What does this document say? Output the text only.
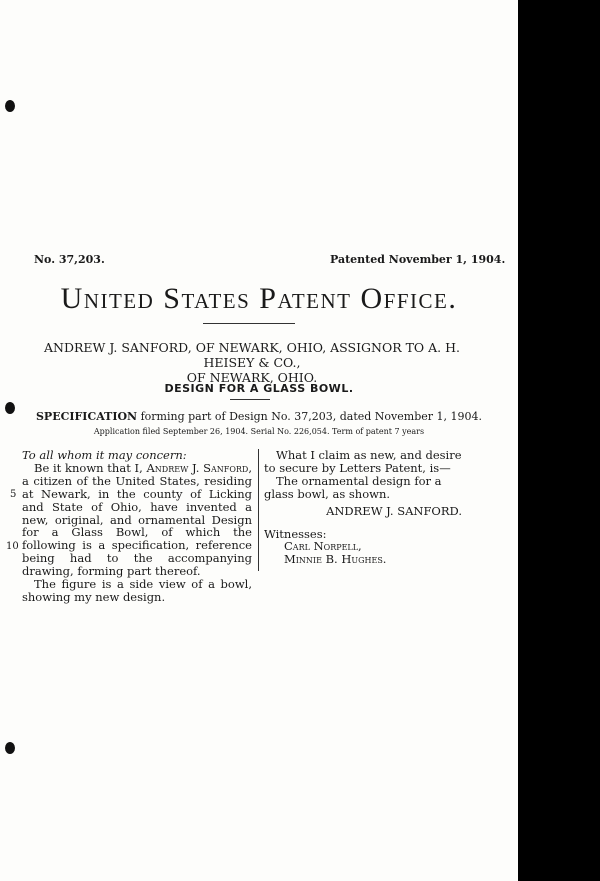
No. 37,203.	Patented November 1, 1904.
United States Patent Office.
ANDREW J. SANFORD, OF NEWARK, OHIO, ASSIGNOR TO A. H. HEISEY & CO.,
OF NEWARK, OHIO.
DESIGN FOR A GLASS BOWL.
SPECIFICATION forming part of Design No. 37,203, dated November 1, 1904.
Application filed September 26, 1904. Serial No. 226,054. Term of patent 7 years

To all whom it may concern:

Be it known that I, Andrew J. Sanford, a citizen of the United States, residing at Newark, in the county of Licking and State of Ohio, have invented a new, original, and ornamental Design for a Glass Bowl, of which the following is a specification, reference being had to the accompanying drawing, forming part thereof.

The figure is a side view of a bowl, showing my new design.

5
10

What I claim as new, and desire to secure by Letters Patent, is—

The ornamental design for a glass bowl, as shown.

ANDREW J. SANFORD.

Witnesses:

Carl Norpell,

Minnie B. Hughes.
